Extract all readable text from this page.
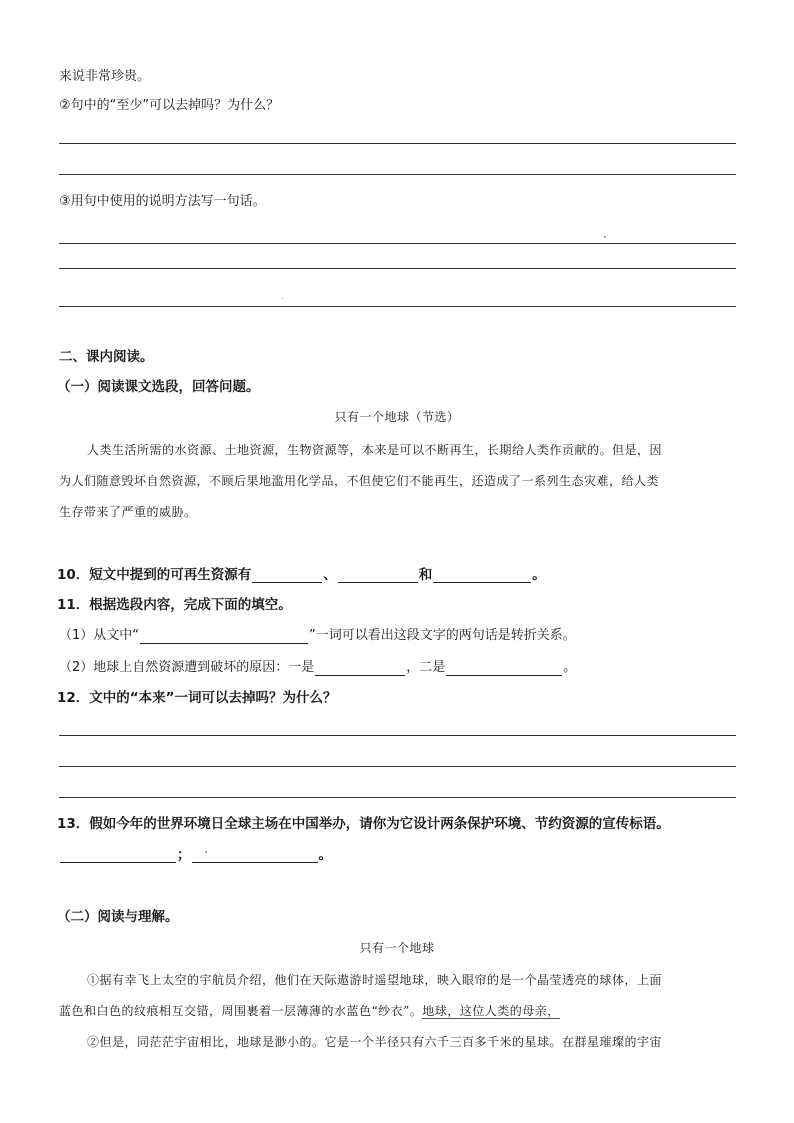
来说非常珍贵。
②句中的“至少”可以去掉吗？为什么？
③用句中使用的说明方法写一句话。
二、课内阅读。
（一）阅读课文选段，回答问题。
只有一个地球（节选）
人类生活所需的水资源、土地资源，生物资源等，本来是可以不断再生，长期给人类作贡献的。但是，因
为人们随意毁坏自然资源，不顾后果地滥用化学品，不但使它们不能再生，还造成了一系列生态灾难，给人类
生存带来了严重的威胁。
10．短文中提到的可再生资源有	、	和	。
11．根据选段内容，完成下面的填空。
（1）从文中“	”一词可以看出这段文字的两句话是转折关系。
（2）地球上自然资源遭到破坏的原因：一是	，二是	。
12．文中的“本来”一词可以去掉吗？为什么？
13．假如今年的世界环境日全球主场在中国举办，请你为它设计两条保护环境、节约资源的宣传标语。
；	。
（二）阅读与理解。
只有一个地球
①据有幸飞上太空的宇航员介绍，他们在天际遨游时遥望地球，映入眼帘的是一个晶莹透亮的球体，上面
蓝色和白色的纹痕相互交错，周围裹着一层薄薄的水蓝色“纱衣”。地球，这位人类的母亲，
②但是，同茫茫宇宙相比，地球是渺小的。它是一个半径只有六千三百多千米的星球。在群星璀璨的宇宙
